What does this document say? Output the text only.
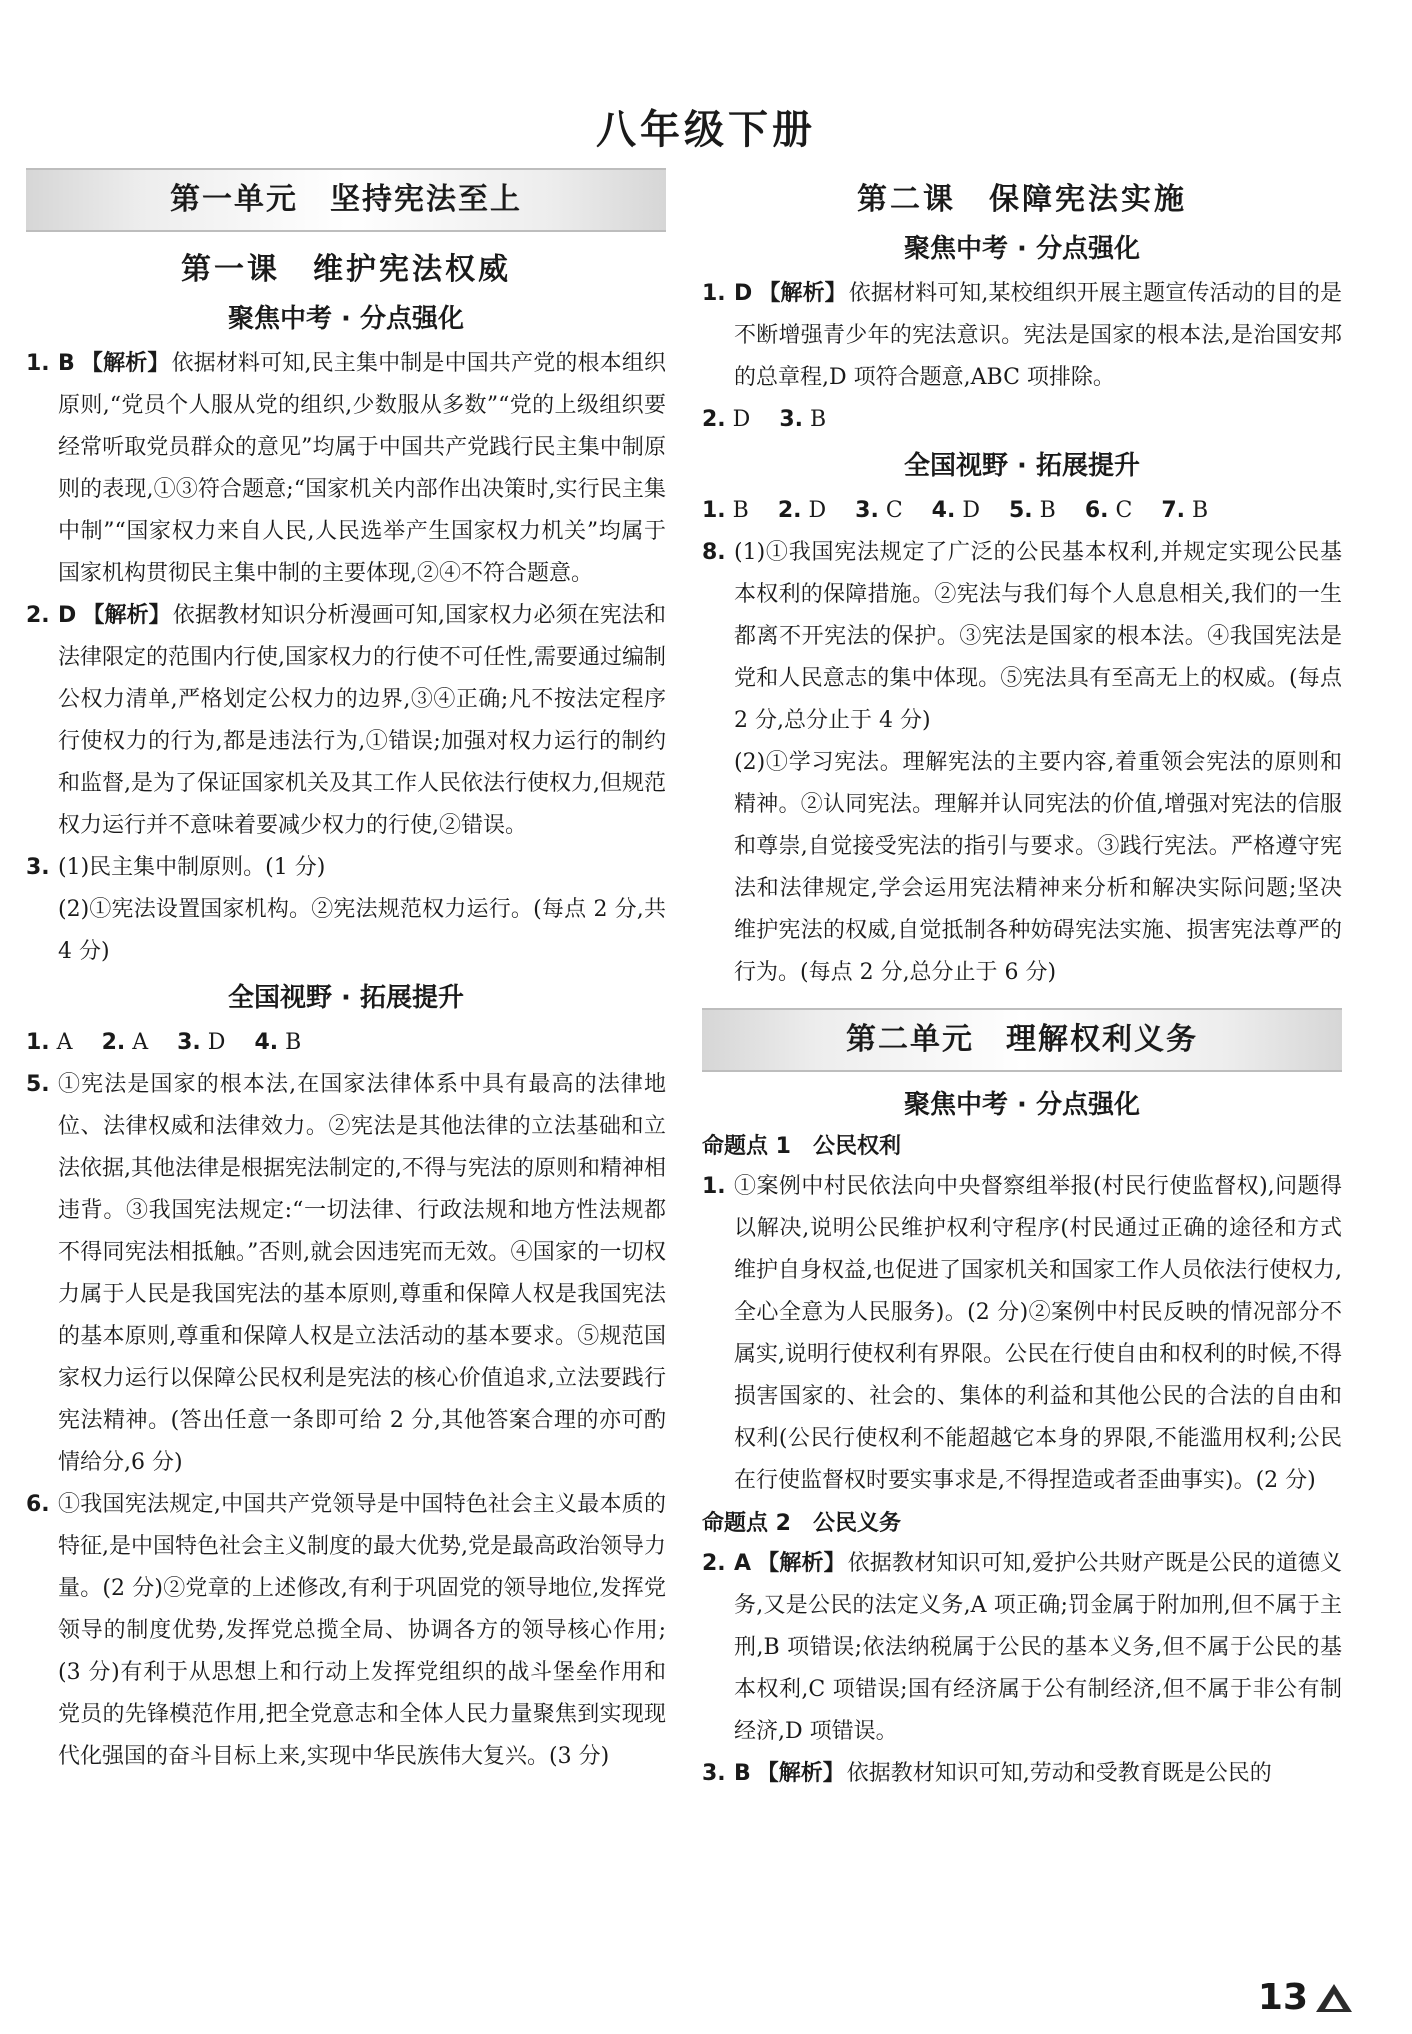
八年级下册
第一单元　坚持宪法至上
第一课　维护宪法权威
聚焦中考 · 分点强化
1. B 【解析】依据材料可知,民主集中制是中国共产党的根本组织原则,“党员个人服从党的组织,少数服从多数”“党的上级组织要经常听取党员群众的意见”均属于中国共产党践行民主集中制原则的表现,①③符合题意;“国家机关内部作出决策时,实行民主集中制”“国家权力来自人民,人民选举产生国家权力机关”均属于国家机构贯彻民主集中制的主要体现,②④不符合题意。
2. D 【解析】依据教材知识分析漫画可知,国家权力必须在宪法和法律限定的范围内行使,国家权力的行使不可任性,需要通过编制公权力清单,严格划定公权力的边界,③④正确;凡不按法定程序行使权力的行为,都是违法行为,①错误;加强对权力运行的制约和监督,是为了保证国家机关及其工作人民依法行使权力,但规范权力运行并不意味着要减少权力的行使,②错误。
3. (1)民主集中制原则。(1 分)

(2)①宪法设置国家机构。②宪法规范权力运行。(每点 2 分,共 4 分)

全国视野 · 拓展提升
1. A 2. A 3. D 4. B
5. ①宪法是国家的根本法,在国家法律体系中具有最高的法律地位、法律权威和法律效力。②宪法是其他法律的立法基础和立法依据,其他法律是根据宪法制定的,不得与宪法的原则和精神相违背。③我国宪法规定:“一切法律、行政法规和地方性法规都不得同宪法相抵触。”否则,就会因违宪而无效。④国家的一切权力属于人民是我国宪法的基本原则,尊重和保障人权是我国宪法的基本原则,尊重和保障人权是立法活动的基本要求。⑤规范国家权力运行以保障公民权利是宪法的核心价值追求,立法要践行宪法精神。(答出任意一条即可给 2 分,其他答案合理的亦可酌情给分,6 分)
6. ①我国宪法规定,中国共产党领导是中国特色社会主义最本质的特征,是中国特色社会主义制度的最大优势,党是最高政治领导力量。(2 分)②党章的上述修改,有利于巩固党的领导地位,发挥党领导的制度优势,发挥党总揽全局、协调各方的领导核心作用;(3 分)有利于从思想上和行动上发挥党组织的战斗堡垒作用和党员的先锋模范作用,把全党意志和全体人民力量聚焦到实现现代化强国的奋斗目标上来,实现中华民族伟大复兴。(3 分)
第二课　保障宪法实施
聚焦中考 · 分点强化
1. D 【解析】依据材料可知,某校组织开展主题宣传活动的目的是不断增强青少年的宪法意识。宪法是国家的根本法,是治国安邦的总章程,D 项符合题意,ABC 项排除。
2. D 3. B
全国视野 · 拓展提升
1. B 2. D 3. C 4. D 5. B 6. C 7. B
8. (1)①我国宪法规定了广泛的公民基本权利,并规定实现公民基本权利的保障措施。②宪法与我们每个人息息相关,我们的一生都离不开宪法的保护。③宪法是国家的根本法。④我国宪法是党和人民意志的集中体现。⑤宪法具有至高无上的权威。(每点 2 分,总分止于 4 分)

(2)①学习宪法。理解宪法的主要内容,着重领会宪法的原则和精神。②认同宪法。理解并认同宪法的价值,增强对宪法的信服和尊崇,自觉接受宪法的指引与要求。③践行宪法。严格遵守宪法和法律规定,学会运用宪法精神来分析和解决实际问题;坚决维护宪法的权威,自觉抵制各种妨碍宪法实施、损害宪法尊严的行为。(每点 2 分,总分止于 6 分)

第二单元　理解权利义务
聚焦中考 · 分点强化
命题点 1　公民权利
1. ①案例中村民依法向中央督察组举报(村民行使监督权),问题得以解决,说明公民维护权利守程序(村民通过正确的途径和方式维护自身权益,也促进了国家机关和国家工作人员依法行使权力,全心全意为人民服务)。(2 分)②案例中村民反映的情况部分不属实,说明行使权利有界限。公民在行使自由和权利的时候,不得损害国家的、社会的、集体的利益和其他公民的合法的自由和权利(公民行使权利不能超越它本身的界限,不能滥用权利;公民在行使监督权时要实事求是,不得捏造或者歪曲事实)。(2 分)
命题点 2　公民义务
2. A 【解析】依据教材知识可知,爱护公共财产既是公民的道德义务,又是公民的法定义务,A 项正确;罚金属于附加刑,但不属于主刑,B 项错误;依法纳税属于公民的基本义务,但不属于公民的基本权利,C 项错误;国有经济属于公有制经济,但不属于非公有制经济,D 项错误。
3. B 【解析】依据教材知识可知,劳动和受教育既是公民的
13
